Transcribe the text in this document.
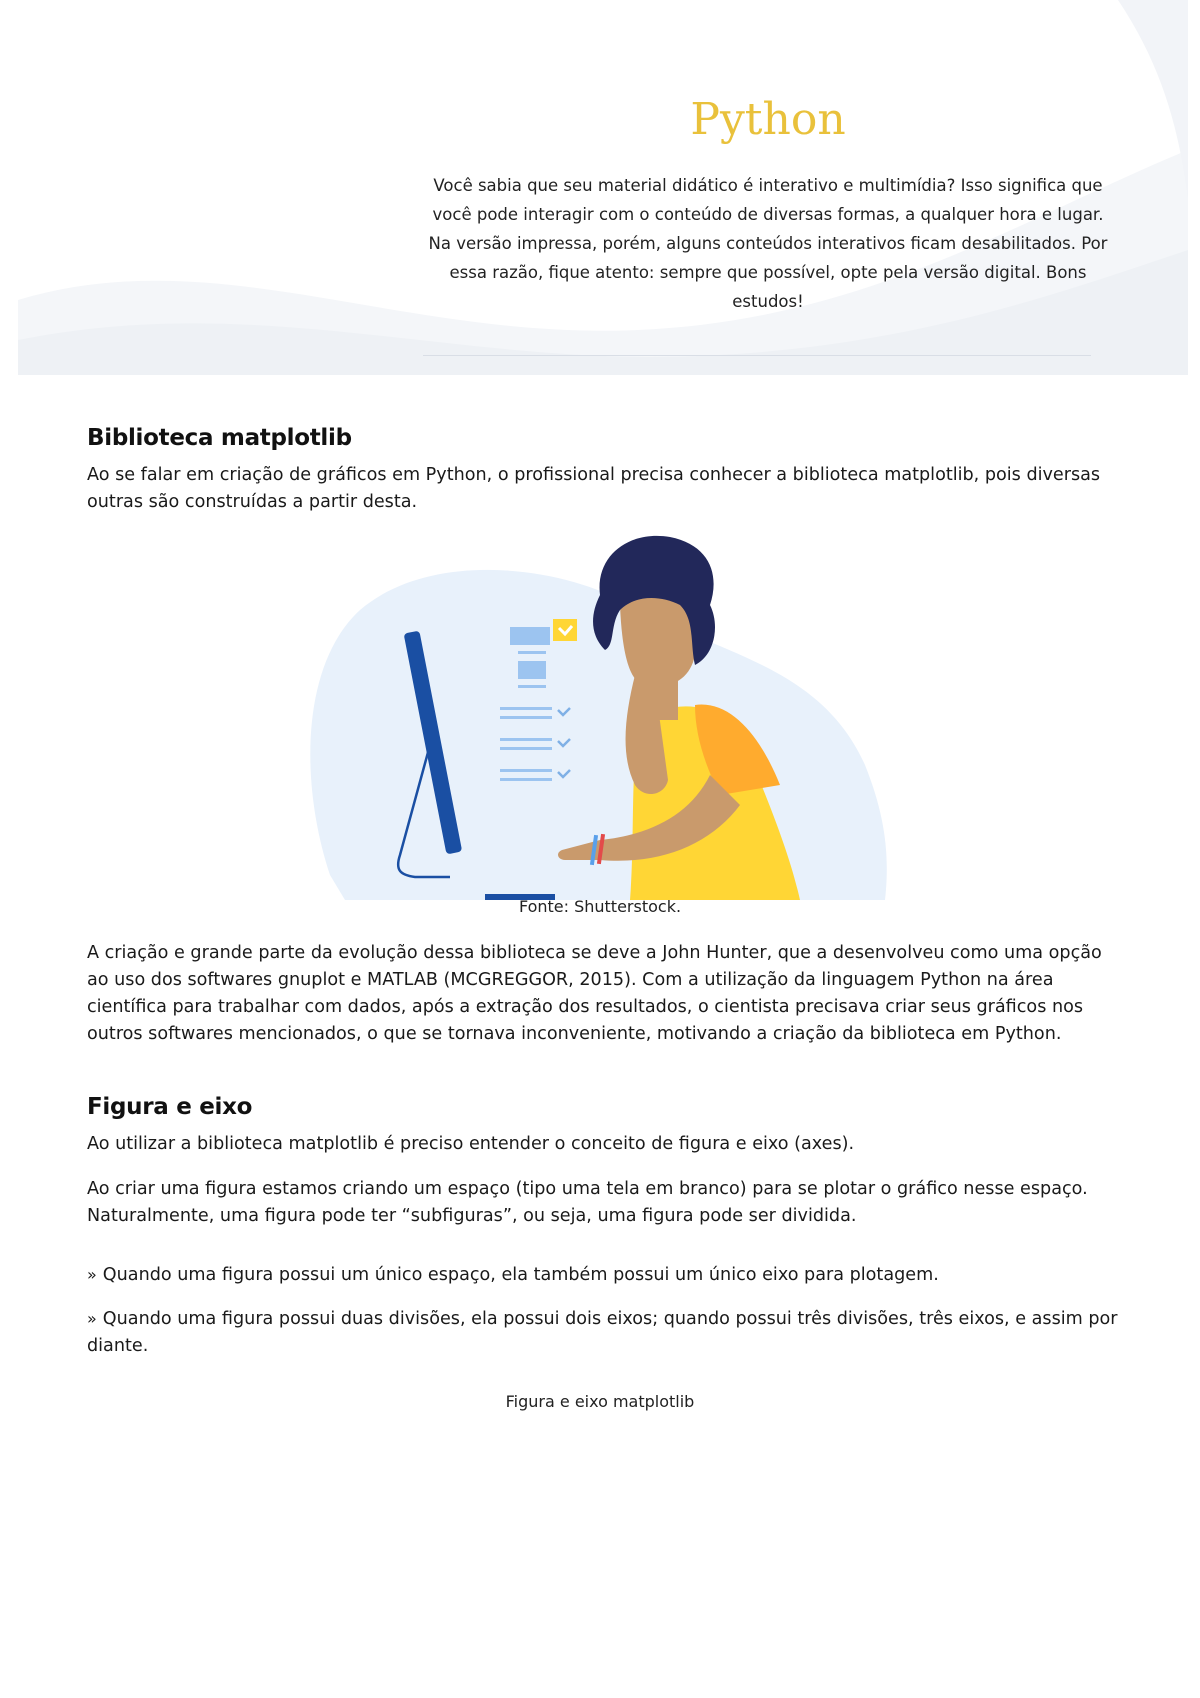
Python

Você sabia que seu material didático é interativo e multimídia? Isso significa que você pode interagir com o conteúdo de diversas formas, a qualquer hora e lugar. Na versão impressa, porém, alguns conteúdos interativos ficam desabilitados. Por essa razão, fique atento: sempre que possível, opte pela versão digital. Bons estudos!

Biblioteca matplotlib

Ao se falar em criação de gráficos em Python, o profissional precisa conhecer a biblioteca matplotlib, pois diversas outras são construídas a partir desta.

Fonte: Shutterstock.

A criação e grande parte da evolução dessa biblioteca se deve a John Hunter, que a desenvolveu como uma opção ao uso dos softwares gnuplot e MATLAB (MCGREGGOR, 2015). Com a utilização da linguagem Python na área científica para trabalhar com dados, após a extração dos resultados, o cientista precisava criar seus gráficos nos outros softwares mencionados, o que se tornava inconveniente, motivando a criação da biblioteca em Python.

Figura e eixo

Ao utilizar a biblioteca matplotlib é preciso entender o conceito de figura e eixo (axes).

Ao criar uma figura estamos criando um espaço (tipo uma tela em branco) para se plotar o gráfico nesse espaço. Naturalmente, uma figura pode ter “subfiguras”, ou seja, uma figura pode ser dividida.

» Quando uma figura possui um único espaço, ela também possui um único eixo para plotagem.

» Quando uma figura possui duas divisões, ela possui dois eixos; quando possui três divisões, três eixos, e assim por diante.

Figura e eixo matplotlib
